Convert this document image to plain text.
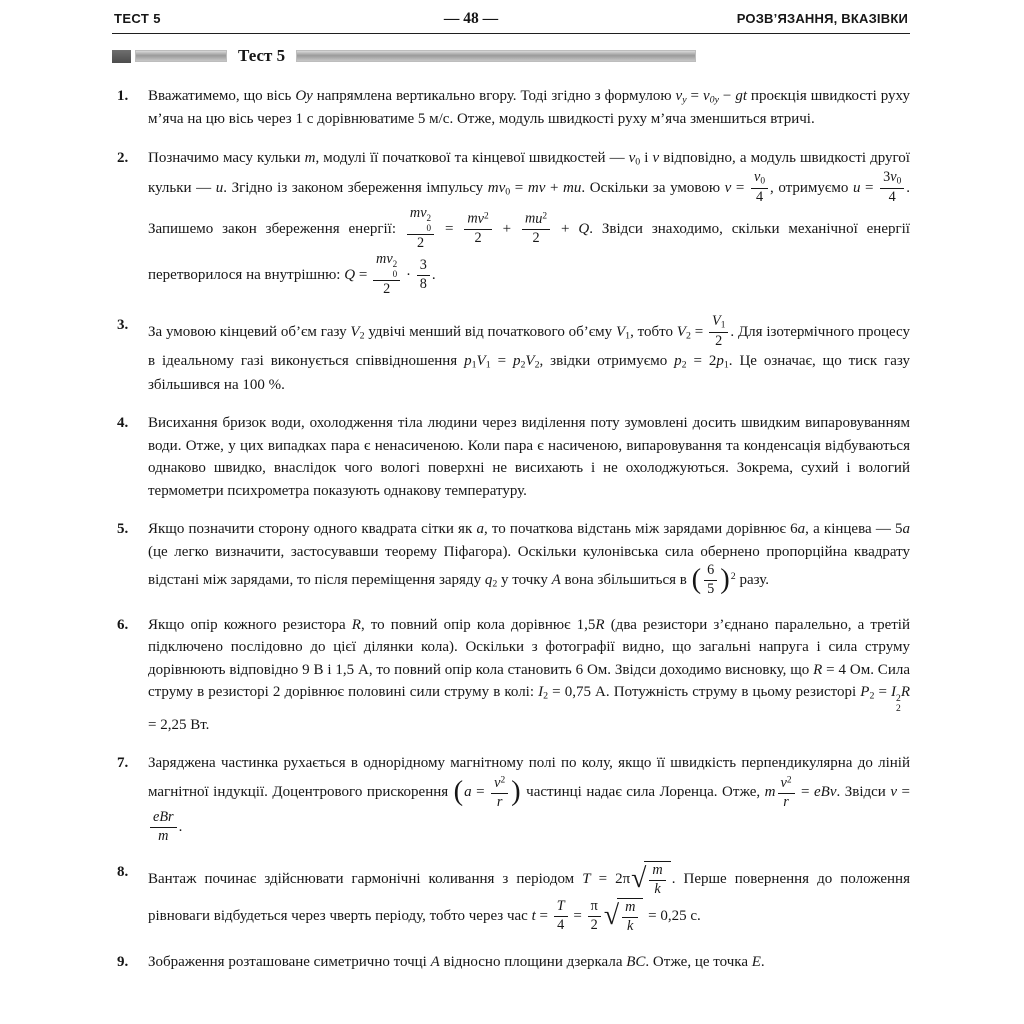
ТЕСТ 5	— 48 —	РОЗВ’ЯЗАННЯ, ВКАЗІВКИ
Тест 5
1. Вважатимемо, що вісь Oy напрямлена вертикально вгору. Тоді згідно з формулою $v_y = v_{0y}$ − gt проєкція швидкості руху м’яча на цю вісь через 1 с дорівнюватиме 5 м/с. Отже, модуль швидкості руху м’яча зменшиться втричі.
2. Позначимо масу кульки m, модулі її початкової та кінцевої швидкостей — $v_0$ і v відповідно, а модуль швидкості другої кульки — u. Згідно із законом збереження імпульсу $mv_0$ = mv + mu. Оскільки за умовою $v = \frac{v_0}{4}$ , отримуємо $u = \frac{3v_0}{4}$ . Запишемо закон збереження енергії: mv 2
0
$2 = \frac{mv^2}{2} + \frac{mu^2}{2} + Q$. Звідси знаходимо, скільки механічної енергії перетворилося на внутрішню: Q = mv 2
0
$2 \cdot \frac{3}{8}$ .
3. За умовою кінцевий об’єм газу $V_2$ удвічі менший від початкового об’єму $V_1$, тобто $V_2 = \frac{V_1}{2}$ . Для ізотермічного процесу в ідеальному газі виконується співвідношення $p_1V_1 = p_2V_2$, звідки отримуємо $p_2 = 2p_1$. Це означає, що тиск газу збільшився на 100 %.
4. Висихання бризок води, охолодження тіла людини через виділення поту зумовлені досить швидким випаровуванням води. Отже, у цих випадках пара є ненасиченою. Коли пара є насиченою, випаровування та конденсація відбуваються однаково швидко, внаслідок чого вологі поверхні не висихають і не охолоджуються. Зокрема, сухий і вологий термометри психрометра показують однакову температуру.
5. Якщо позначити сторону одного квадрата сітки як a, то початкова відстань між зарядами дорівнює 6a, а кінцева — 5a (це легко визначити, застосувавши теорему Піфагора). Оскільки кулонівська сила обернено пропорційна квадрату відстані між зарядами, то після переміщення заряду $q_2$ у точку A вона збільшиться в ( $\frac{6}{5} )^2$ разу.
6. Якщо опір кожного резистора R, то повний опір кола дорівнює 1,5R (два резистори з’єднано паралельно, а третій підключено послідовно до цієї ділянки кола). Оскільки з фотографії видно, що загальні напруга і сила струму дорівнюють відповідно 9 В і 1,5 А, то повний опір кола становить 6 Ом. Звідси доходимо висновку, що R = 4 Ом. Сила струму в резисторі 2 дорівнює половині сили струму в колі: $I_2 = 0,75$ А. Потужність струму в цьому резисторі $P_2 = I$ 2
2
R = 2,25 Вт.
7. Заряджена частинка рухається в однорідному магнітному полі по колу, якщо її швидкість перпендикулярна до ліній магнітної індукції. Доцентрового прискорення ($a = \frac{v^2}{r}$ ) частинці надає сила Лоренца. Отже, m $\frac{v^2}{r}$ = eBv. Звідси v =
$\frac{\text{eBr}}{m}$ .
8. Вантаж починає здійснювати гармонічні коливання з періодом T = 2π √ $\frac{m}{k}$ . Перше повернення до положення рівноваги відбудеться через чверть періоду, тобто через час $t = \frac{T}{4} = \frac{\pi}{2}$ √ $\frac{m}{k} = 0,25$ с.
9. Зображення розташоване симетрично точці A відносно площини дзеркала BC. Отже, це точка E.
